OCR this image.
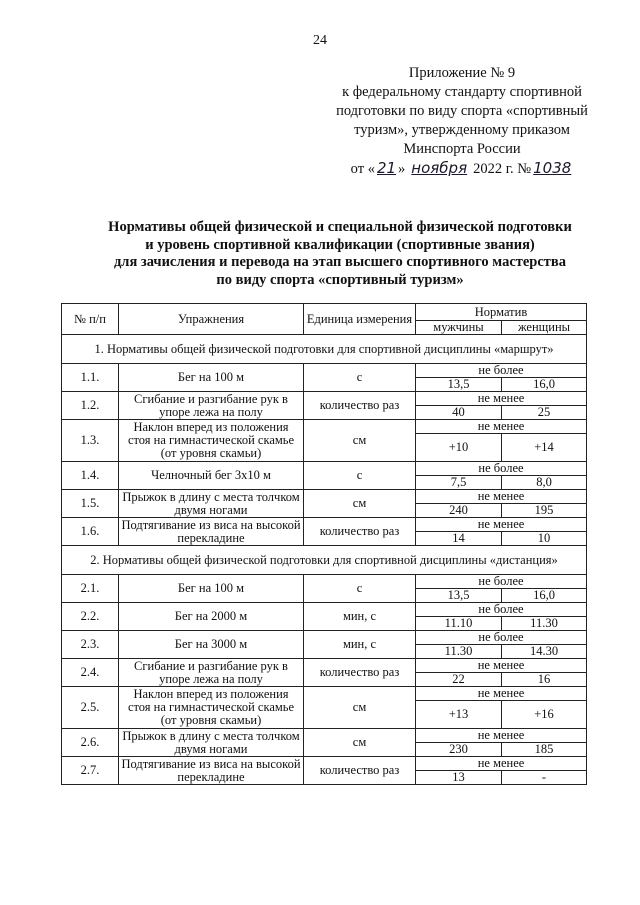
24
Приложение № 9
к федеральному стандарту спортивной
подготовки по виду спорта «спортивный
туризм», утвержденному приказом
Минспорта России
от « 21 » ноября 2022 г. № 1038
Нормативы общей физической и специальной физической подготовки
и уровень спортивной квалификации (спортивные звания)
для зачисления и перевода на этап высшего спортивного мастерства
по виду спорта «спортивный туризм»
№ п/п	Упражнения	Единица измерения	Норматив	
			мужчины	женщины
1. Нормативы общей физической подготовки для спортивной дисциплины «маршрут»				
1.1.	Бег на 100 м	с	не более	
			13,5	16,0
1.2.	Сгибание и разгибание рук в упоре лежа на полу	количество раз	не менее	
			40	25
1.3.	Наклон вперед из положения стоя на гимнастической скамье (от уровня скамьи)	см	не менее	
			+10	+14
1.4.	Челночный бег 3x10 м	с	не более	
			7,5	8,0
1.5.	Прыжок в длину с места толчком двумя ногами	см	не менее	
			240	195
1.6.	Подтягивание из виса на высокой перекладине	количество раз	не менее	
			14	10
2. Нормативы общей физической подготовки для спортивной дисциплины «дистанция»				
2.1.	Бег на 100 м	с	не более	
			13,5	16,0
2.2.	Бег на 2000 м	мин, с	не более	
			11.10	11.30
2.3.	Бег на 3000 м	мин, с	не более	
			11.30	14.30
2.4.	Сгибание и разгибание рук в упоре лежа на полу	количество раз	не менее	
			22	16
2.5.	Наклон вперед из положения стоя на гимнастической скамье (от уровня скамьи)	см	не менее	
			+13	+16
2.6.	Прыжок в длину с места толчком двумя ногами	см	не менее	
			230	185
2.7.	Подтягивание из виса на высокой перекладине	количество раз	не менее	
			13	-
